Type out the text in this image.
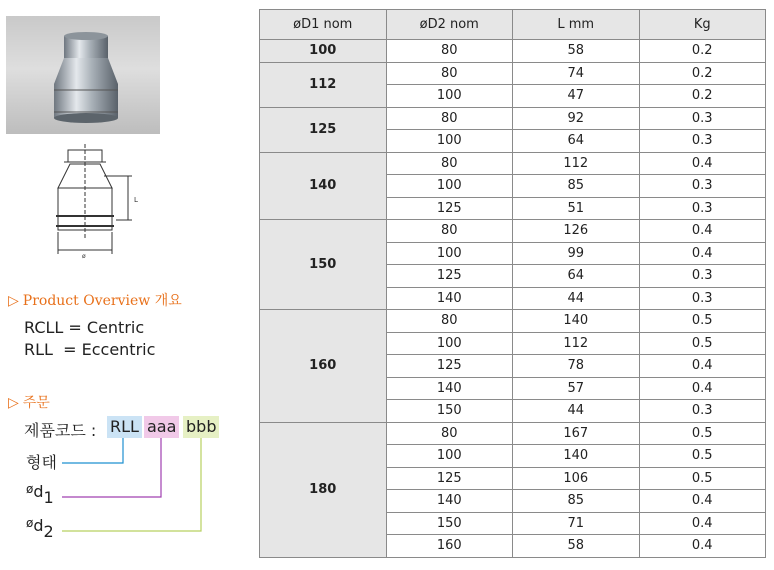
L
ø
▷ Product Overview 개요
RCLL = Centric
RLL  = Eccentric
▷ 주문
제품코드 : RLL aaa bbb
형태
$^ød_1$
$^ød_2$
øD1 nom	øD2 nom	L mm	Kg
100	80	58	0.2
112	80	74	0.2
	100	47	0.2
125	80	92	0.3
	100	64	0.3
140	80	112	0.4
	100	85	0.3
	125	51	0.3
150	80	126	0.4
	100	99	0.4
	125	64	0.3
	140	44	0.3
160	80	140	0.5
	100	112	0.5
	125	78	0.4
	140	57	0.4
	150	44	0.3
180	80	167	0.5
	100	140	0.5
	125	106	0.5
	140	85	0.4
	150	71	0.4
	160	58	0.4
